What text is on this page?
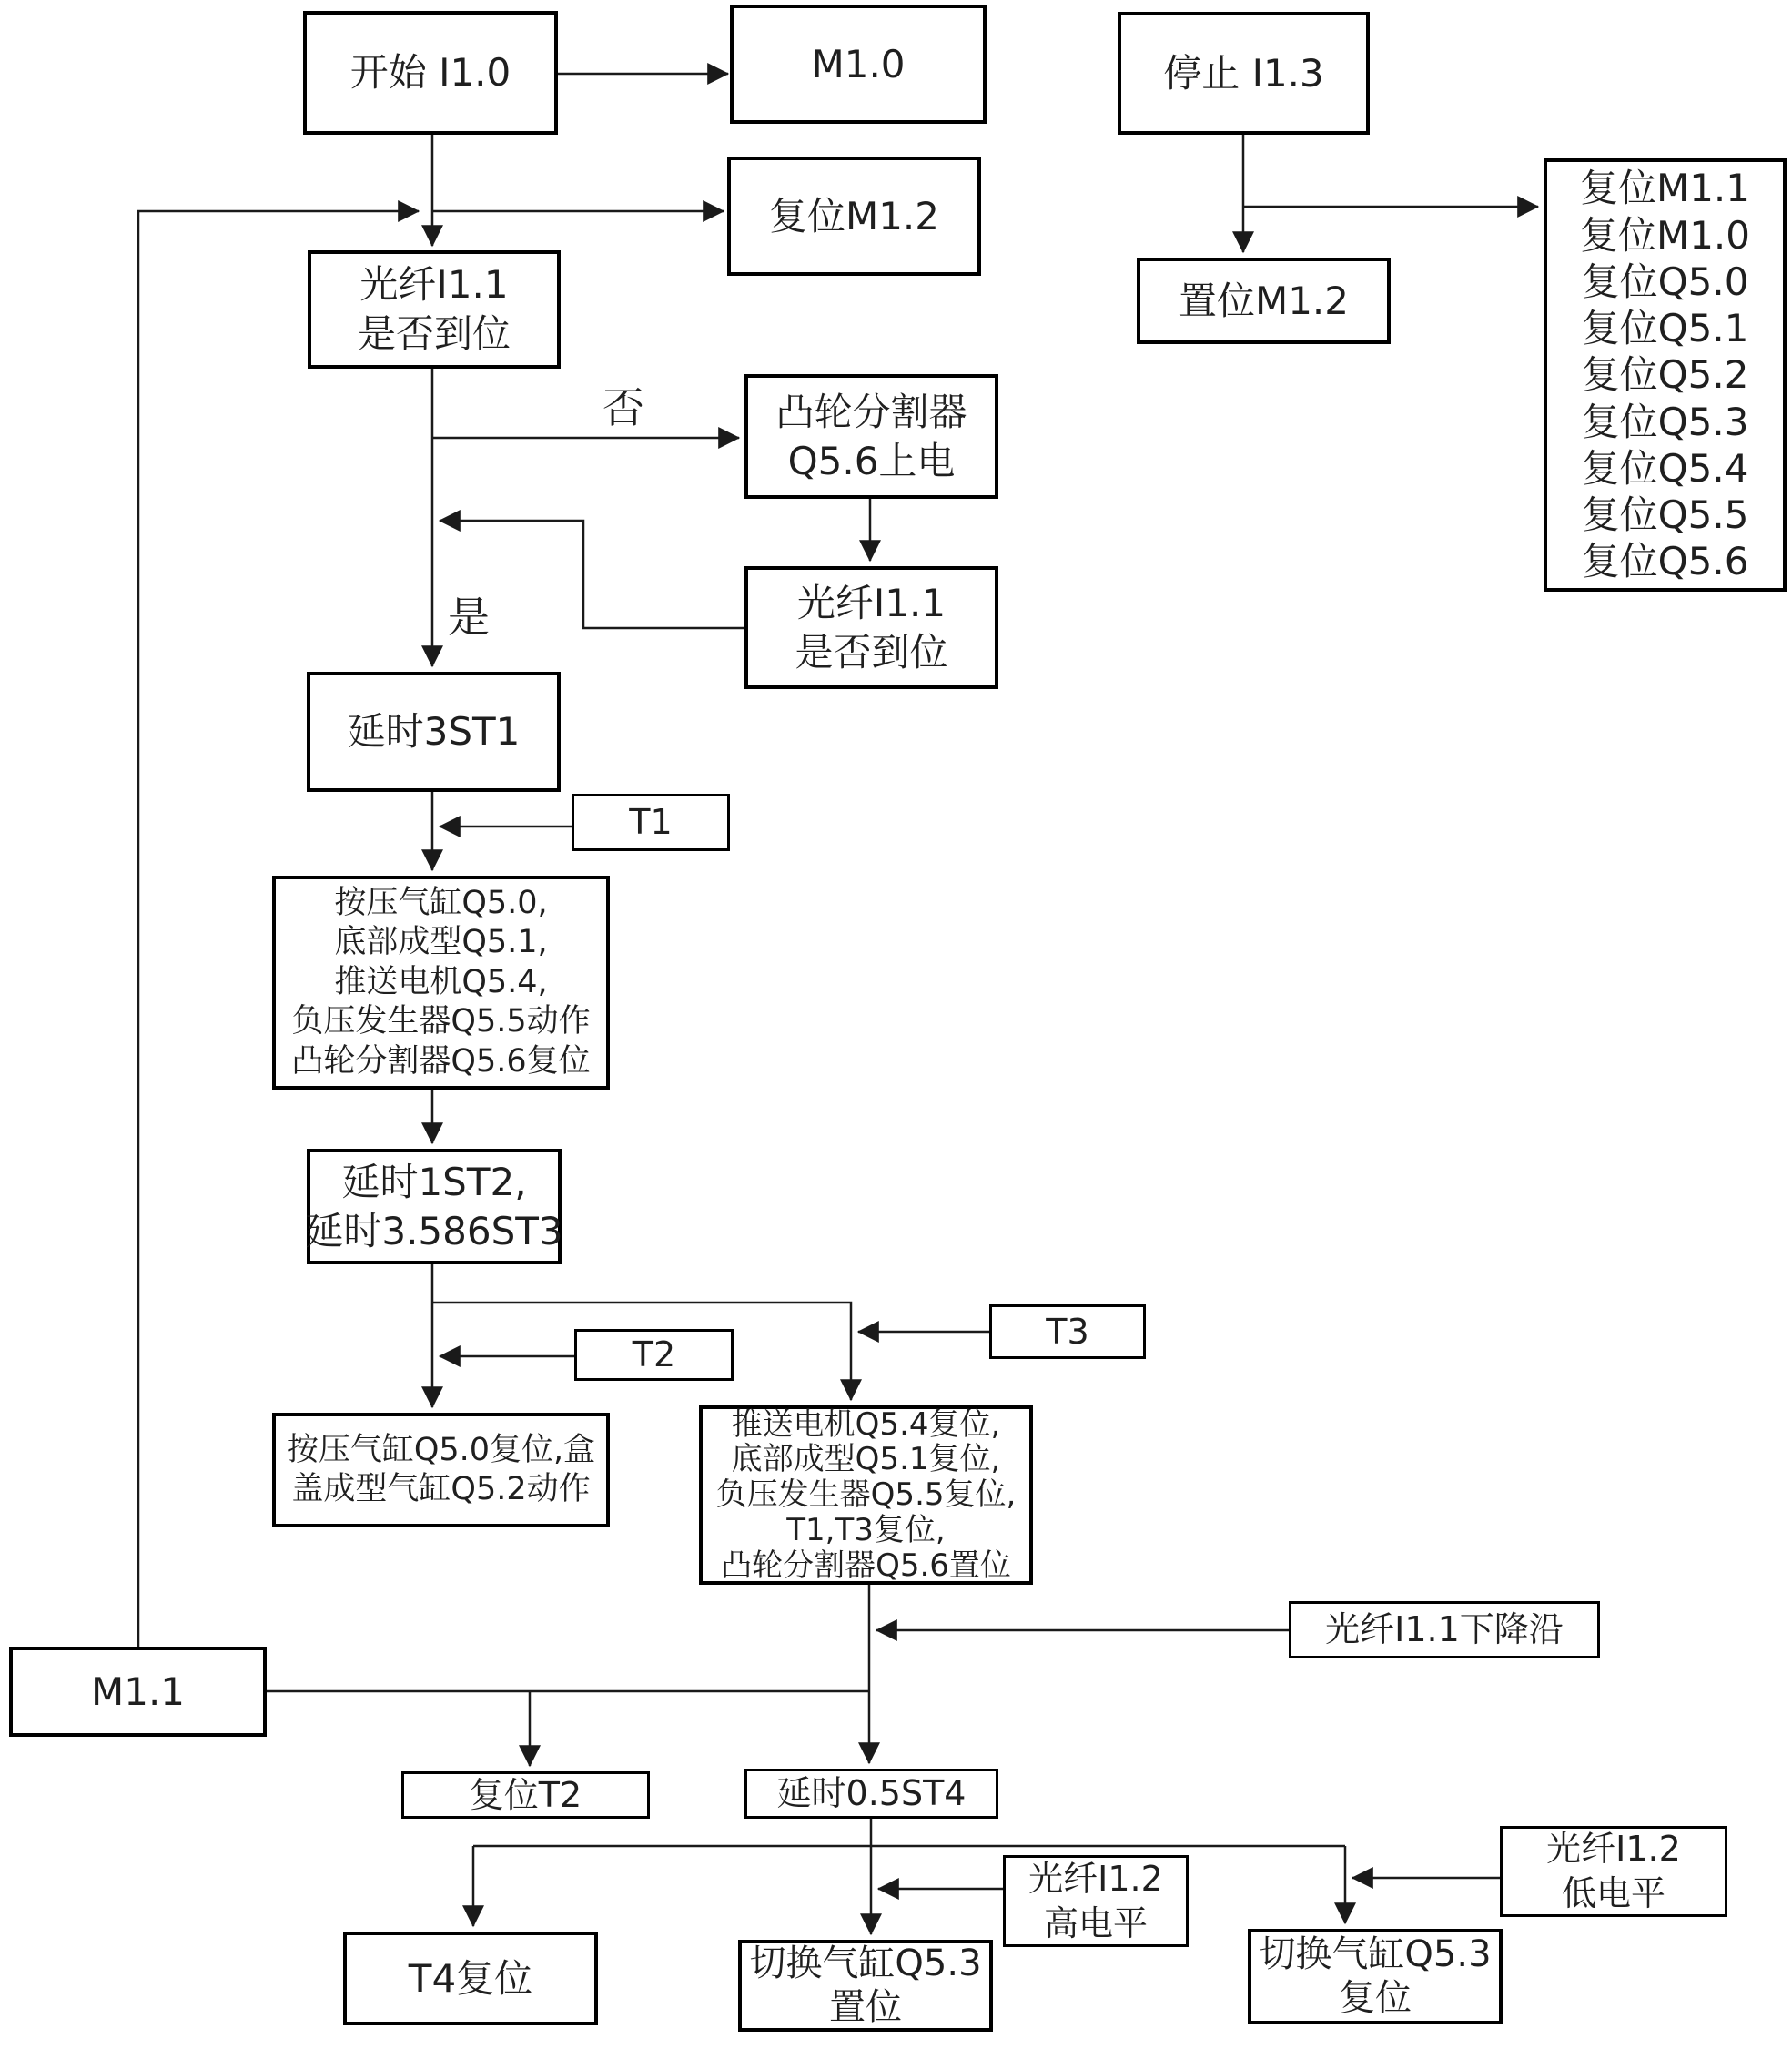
开始 I1.0	M1.0
复位M1.2
停止 I1.3
置位M1.2
复位M1.1
复位M1.0
复位Q5.0
复位Q5.1
复位Q5.2
复位Q5.3
复位Q5.4
复位Q5.5
复位Q5.6
光纤I1.1
是否到位
凸轮分割器
Q5.6上电
光纤I1.1
是否到位
延时3ST1
T1
按压气缸Q5.0,
底部成型Q5.1,
推送电机Q5.4,
负压发生器Q5.5动作
凸轮分割器Q5.6复位
延时1ST2,
延时3.586ST3
T2
T3
按压气缸Q5.0复位,盒
盖成型气缸Q5.2动作
推送电机Q5.4复位,
底部成型Q5.1复位,
负压发生器Q5.5复位,
T1,T3复位,
凸轮分割器Q5.6置位
光纤I1.1下降沿
M1.1
复位T2	延时0.5ST4
光纤I1.2
高电平
光纤I1.2
低电平
T4复位	切换气缸Q5.3
置位
切换气缸Q5.3
复位
否
是
